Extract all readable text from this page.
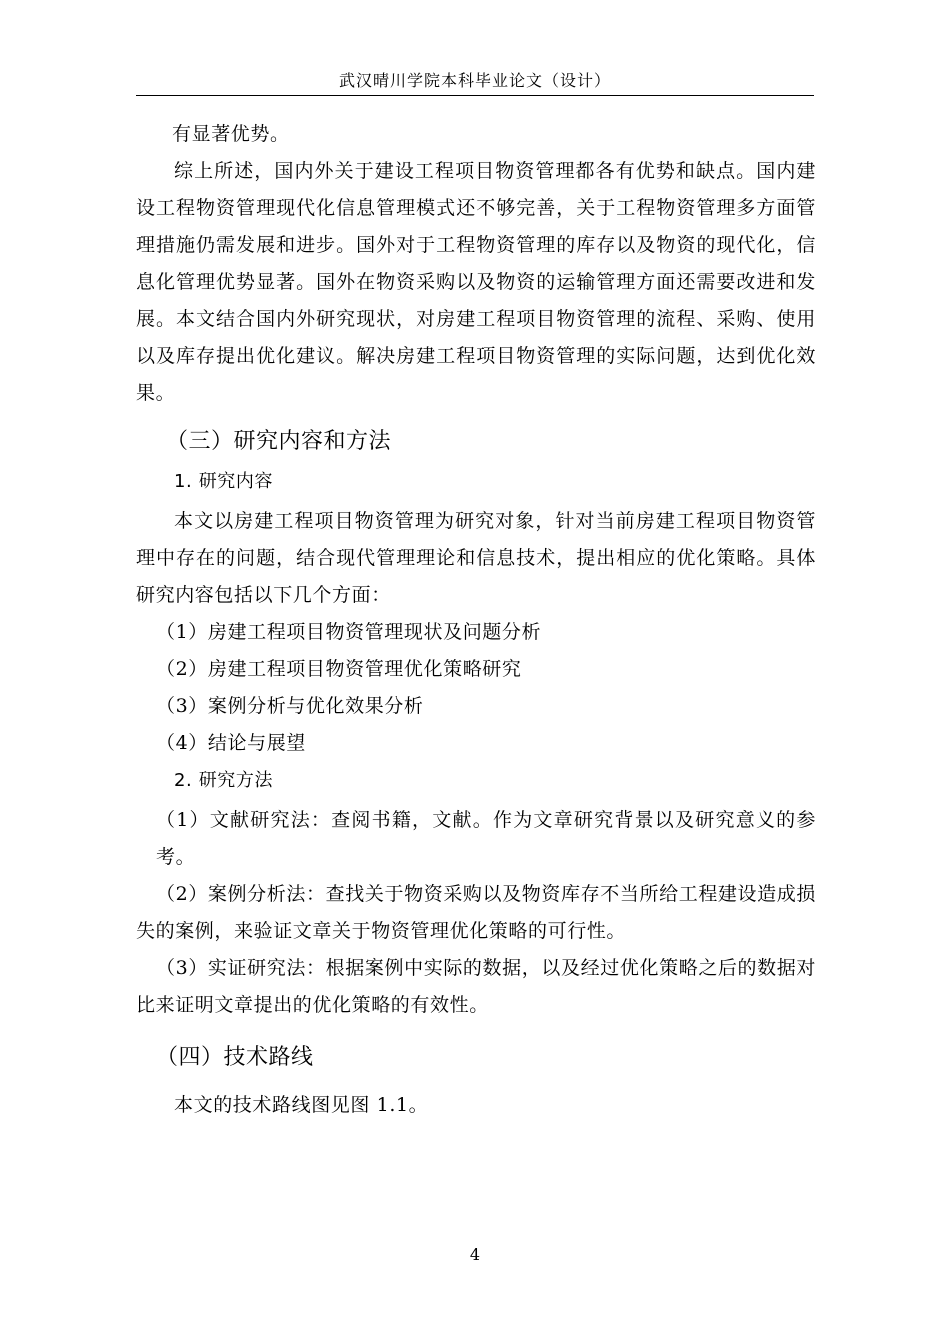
武汉晴川学院本科毕业论文（设计）

有显著优势。

综上所述，国内外关于建设工程项目物资管理都各有优势和缺点。国内建设工程物资管理现代化信息管理模式还不够完善，关于工程物资管理多方面管理措施仍需发展和进步。国外对于工程物资管理的库存以及物资的现代化，信息化管理优势显著。国外在物资采购以及物资的运输管理方面还需要改进和发展。本文结合国内外研究现状，对房建工程项目物资管理的流程、采购、使用以及库存提出优化建议。解决房建工程项目物资管理的实际问题，达到优化效果。

（三）研究内容和方法
1. 研究内容

本文以房建工程项目物资管理为研究对象，针对当前房建工程项目物资管理中存在的问题，结合现代管理理论和信息技术，提出相应的优化策略。具体研究内容包括以下几个方面：

（1）房建工程项目物资管理现状及问题分析

（2）房建工程项目物资管理优化策略研究

（3）案例分析与优化效果分析

（4）结论与展望

2. 研究方法

（1）文献研究法：查阅书籍，文献。作为文章研究背景以及研究意义的参考。

（2）案例分析法：查找关于物资采购以及物资库存不当所给工程建设造成损失的案例，来验证文章关于物资管理优化策略的可行性。

（3）实证研究法：根据案例中实际的数据，以及经过优化策略之后的数据对比来证明文章提出的优化策略的有效性。

（四）技术路线

本文的技术路线图见图 1.1。

4
